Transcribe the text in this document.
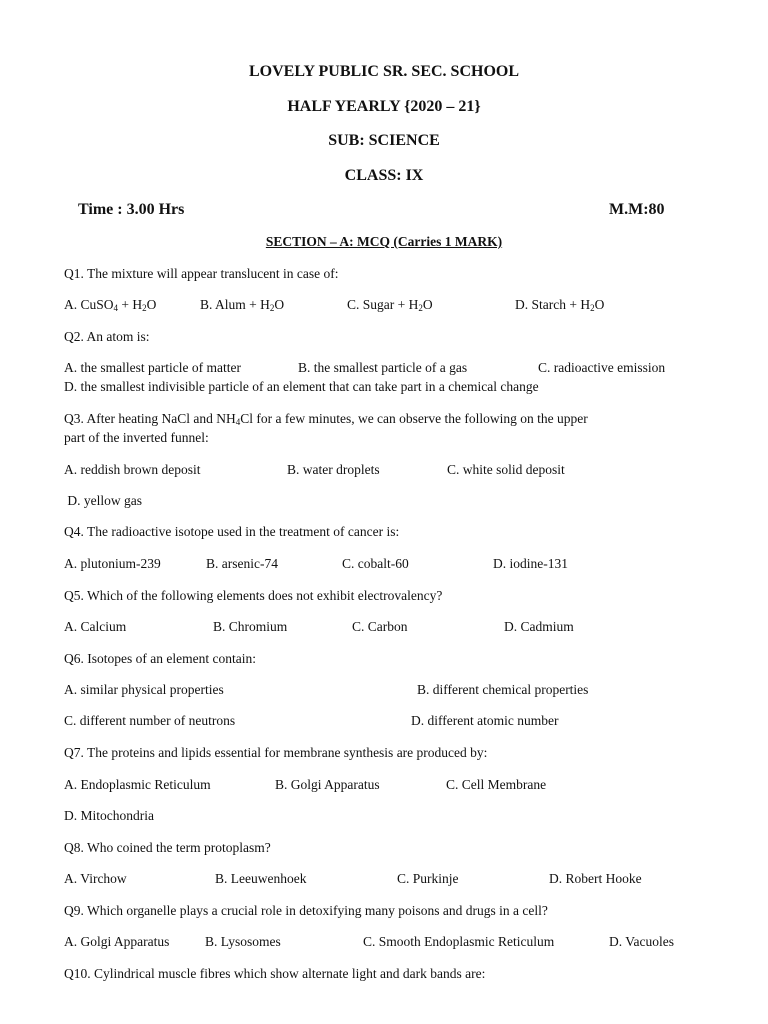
LOVELY PUBLIC SR. SEC. SCHOOL
HALF YEARLY {2020 – 21}
SUB: SCIENCE
CLASS: IX
Time : 3.00 Hrs	M.M:80
SECTION – A: MCQ (Carries 1 MARK)
Q1. The mixture will appear translucent in case of:
A. CuSO$_4$ + $H_2O$	B. Alum + $H_2O$	C. Sugar + $H_2O$	D. Starch + $H_2O$
Q2. An atom is:
A. the smallest particle of matter	B. the smallest particle of a gas	C. radioactive emission
D. the smallest indivisible particle of an element that can take part in a chemical change
Q3. After heating NaCl and $NH_4Cl$ for a few minutes, we can observe the following on the upper
part of the inverted funnel:
A. reddish brown deposit	B. water droplets	C. white solid deposit
D. yellow gas
Q4. The radioactive isotope used in the treatment of cancer is:
A. plutonium-239	B. arsenic-74	C. cobalt-60	D. iodine-131
Q5. Which of the following elements does not exhibit electrovalency?
A. Calcium	B. Chromium	C. Carbon	D. Cadmium
Q6. Isotopes of an element contain:
A. similar physical properties	B. different chemical properties
C. different number of neutrons	D. different atomic number
Q7. The proteins and lipids essential for membrane synthesis are produced by:
A. Endoplasmic Reticulum	B. Golgi Apparatus	C. Cell Membrane
D. Mitochondria
Q8. Who coined the term protoplasm?
A. Virchow	B. Leeuwenhoek	C. Purkinje	D. Robert Hooke
Q9. Which organelle plays a crucial role in detoxifying many poisons and drugs in a cell?
A. Golgi Apparatus	B. Lysosomes	C. Smooth Endoplasmic Reticulum	D. Vacuoles
Q10. Cylindrical muscle fibres which show alternate light and dark bands are:
